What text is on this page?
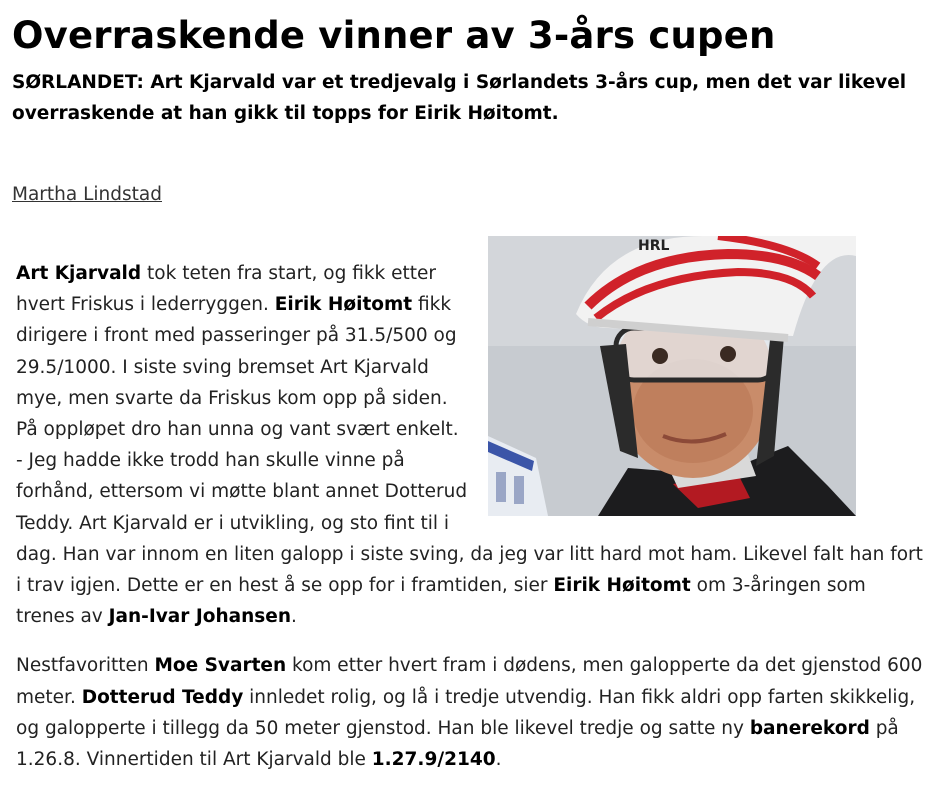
Overraskende vinner av 3-års cupen

SØRLANDET: Art Kjarvald var et tredjevalg i Sørlandets 3-års cup, men det var likevel overraskende at han gikk til topps for Eirik Høitomt.

Martha Lindstad
HRL

Art Kjarvald tok teten fra start, og fikk etter hvert Friskus i lederryggen. Eirik Høitomt fikk dirigere i front med passeringer på 31.5/500 og 29.5/1000. I siste sving bremset Art Kjarvald mye, men svarte da Friskus kom opp på siden. På oppløpet dro han unna og vant svært enkelt.
- Jeg hadde ikke trodd han skulle vinne på forhånd, ettersom vi møtte blant annet Dotterud Teddy. Art Kjarvald er i utvikling, og sto fint til i dag. Han var innom en liten galopp i siste sving, da jeg var litt hard mot ham. Likevel falt han fort i trav igjen. Dette er en hest å se opp for i framtiden, sier Eirik Høitomt om 3-åringen som trenes av Jan-Ivar Johansen.

Nestfavoritten Moe Svarten kom etter hvert fram i dødens, men galopperte da det gjenstod 600 meter. Dotterud Teddy innledet rolig, og lå i tredje utvendig. Han fikk aldri opp farten skikkelig, og galopperte i tillegg da 50 meter gjenstod. Han ble likevel tredje og satte ny banerekord på 1.26.8. Vinnertiden til Art Kjarvald ble 1.27.9/2140.
